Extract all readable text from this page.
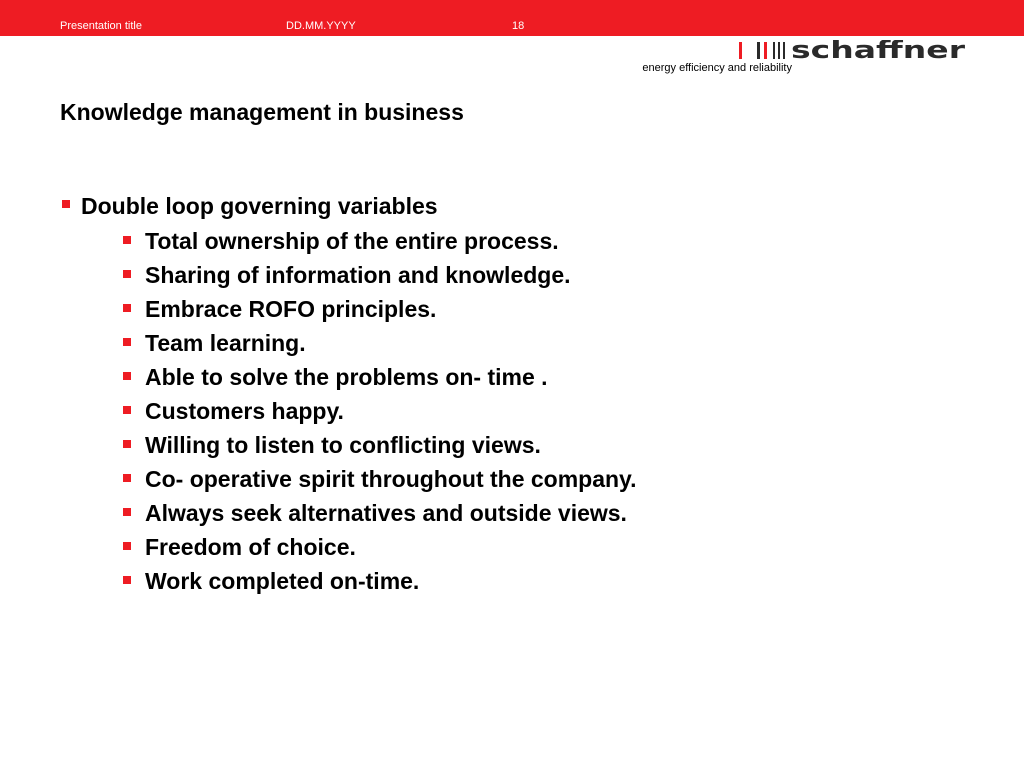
Presentation title	DD.MM.YYYY	18
schaffner
energy efficiency and reliability
Knowledge management in business
Double loop governing variables
Total ownership of the entire process.
Sharing of information and knowledge.
Embrace ROFO principles.
Team learning.
Able to solve the problems on- time .
Customers happy.
Willing to listen to conflicting views.
Co- operative spirit throughout the company.
Always seek alternatives and outside views.
Freedom of choice.
Work completed on-time.
